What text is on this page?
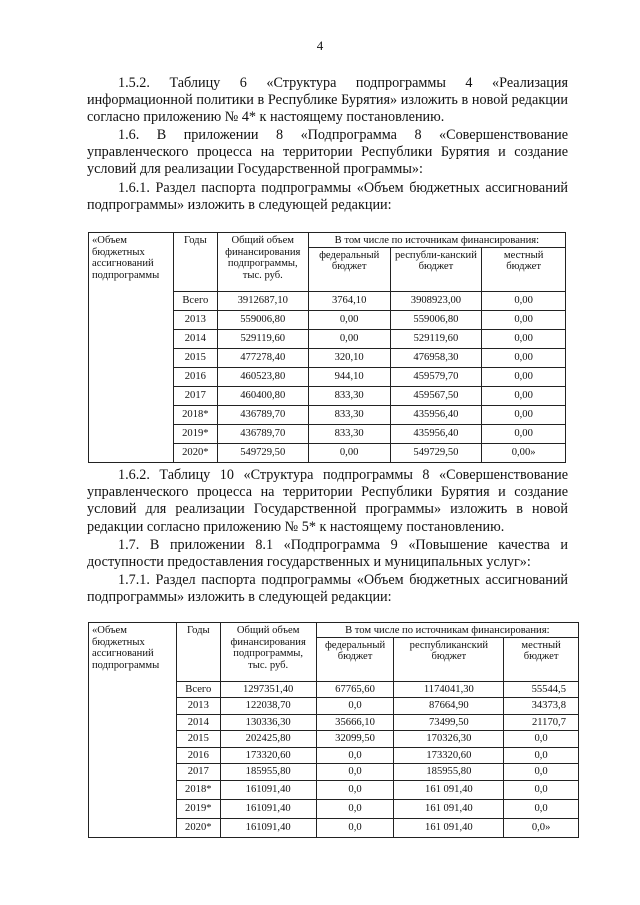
4

1.5.2. Таблицу 6 «Структура подпрограммы 4 «Реализация информационной политики в Республике Бурятия» изложить в новой редакции согласно приложению № 4* к настоящему постановлению.

1.6. В приложении 8 «Подпрограмма 8 «Совершенствование управленческого процесса на территории Республики Бурятия и создание условий для реализации Государственной программы»:

1.6.1. Раздел паспорта подпрограммы «Объем бюджетных ассигнований подпрограммы» изложить в следующей редакции:

«Объем бюджетных ассигнований подпрограммы	Годы	Общий объем финансирования подпрограммы, тыс. руб.	В том числе по источникам финансирования:		
			федеральный бюджет	республи-канский бюджет	местный бюджет
	Всего	3912687,10	3764,10	3908923,00	0,00
	2013	559006,80	0,00	559006,80	0,00
	2014	529119,60	0,00	529119,60	0,00
	2015	477278,40	320,10	476958,30	0,00
	2016	460523,80	944,10	459579,70	0,00
	2017	460400,80	833,30	459567,50	0,00
	2018*	436789,70	833,30	435956,40	0,00
	2019*	436789,70	833,30	435956,40	0,00
	2020*	549729,50	0,00	549729,50	0,00»

1.6.2. Таблицу 10 «Структура подпрограммы 8 «Совершенствование управленческого процесса на территории Республики Бурятия и создание условий для реализации Государственной программы» изложить в новой редакции согласно приложению № 5* к настоящему постановлению.

1.7. В приложении 8.1 «Подпрограмма 9 «Повышение качества и доступности предоставления государственных и муниципальных услуг»:

1.7.1. Раздел паспорта подпрограммы «Объем бюджетных ассигнований подпрограммы» изложить в следующей редакции:

«Объем бюджетных ассигнований подпрограммы	Годы	Общий объем финансирования подпрограммы, тыс. руб.	В том числе по источникам финансирования:		
			федеральный бюджет	республиканский бюджет	местный бюджет
	Всего	1297351,40	67765,60	1174041,30	55544,5
	2013	122038,70	0,0	87664,90	34373,8
	2014	130336,30	35666,10	73499,50	21170,7
	2015	202425,80	32099,50	170326,30	0,0
	2016	173320,60	0,0	173320,60	0,0
	2017	185955,80	0,0	185955,80	0,0
	2018*	161091,40	0,0	161 091,40	0,0
	2019*	161091,40	0,0	161 091,40	0,0
	2020*	161091,40	0,0	161 091,40	0,0»
